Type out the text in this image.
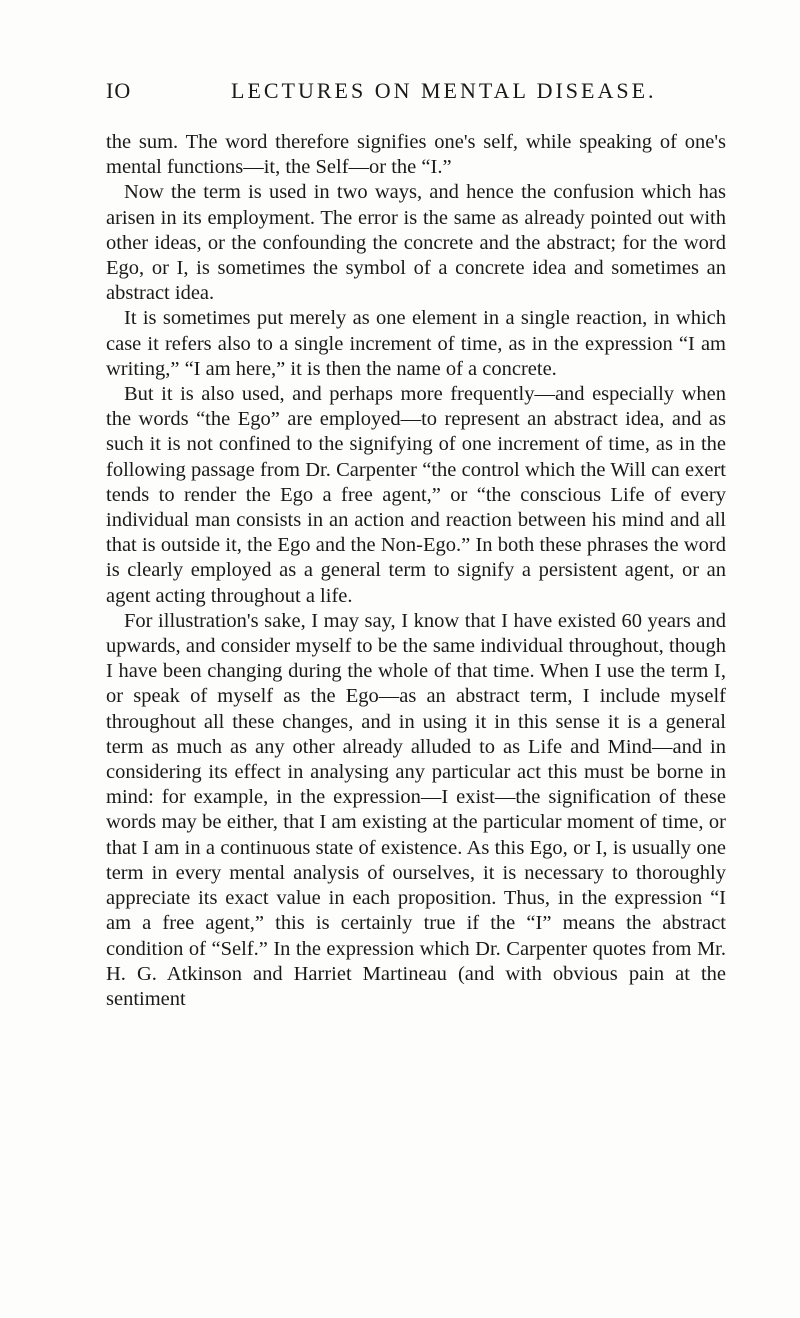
IO	LECTURES ON MENTAL DISEASE.

the sum. The word therefore signifies one's self, while speaking of one's mental functions—it, the Self—or the “I.”

Now the term is used in two ways, and hence the confusion which has arisen in its employment. The error is the same as already pointed out with other ideas, or the confounding the concrete and the abstract; for the word Ego, or I, is sometimes the symbol of a concrete idea and sometimes an abstract idea.

It is sometimes put merely as one element in a single reaction, in which case it refers also to a single increment of time, as in the expression “I am writing,” “I am here,” it is then the name of a concrete.

But it is also used, and perhaps more frequently—and especially when the words “the Ego” are employed—to represent an abstract idea, and as such it is not confined to the signifying of one increment of time, as in the following passage from Dr. Carpenter “the control which the Will can exert tends to render the Ego a free agent,” or “the conscious Life of every individual man consists in an action and reaction between his mind and all that is outside it, the Ego and the Non-Ego.” In both these phrases the word is clearly employed as a general term to signify a persistent agent, or an agent acting throughout a life.

For illustration's sake, I may say, I know that I have existed 60 years and upwards, and consider myself to be the same individual throughout, though I have been changing during the whole of that time. When I use the term I, or speak of myself as the Ego—as an abstract term, I include myself throughout all these changes, and in using it in this sense it is a general term as much as any other already alluded to as Life and Mind—and in considering its effect in analysing any particular act this must be borne in mind: for example, in the expression—I exist—the signification of these words may be either, that I am existing at the particular moment of time, or that I am in a continuous state of existence. As this Ego, or I, is usually one term in every mental analysis of ourselves, it is necessary to thoroughly appreciate its exact value in each proposition. Thus, in the expression “I am a free agent,” this is certainly true if the “I” means the abstract condition of “Self.” In the expression which Dr. Carpenter quotes from Mr. H. G. Atkinson and Harriet Martineau (and with obvious pain at the sentiment
